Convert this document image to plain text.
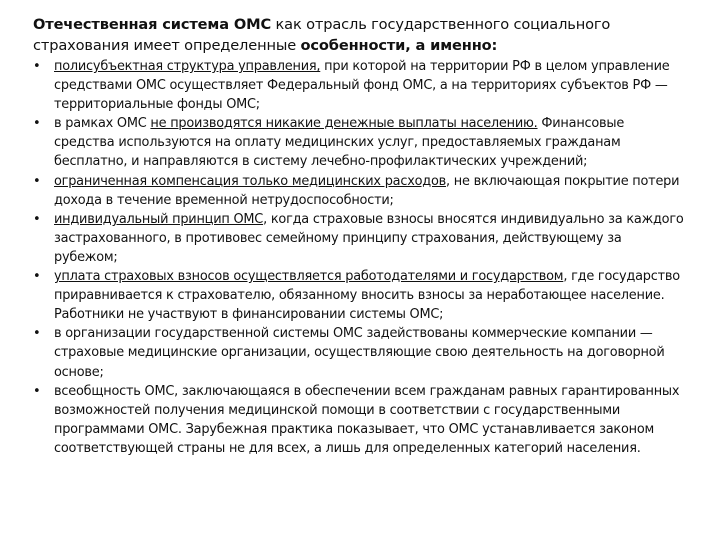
Отечественная система ОМС как отрасль государственного социального страхования имеет определенные особенности, а именно:
•	полисубъектная структура управления, при которой на территории РФ в целом управление средствами ОМС осуществляет Федеральный фонд ОМС, а на территориях субъектов РФ — территориальные фонды ОМС;
•	в рамках ОМС не производятся никакие денежные выплаты населению. Финансовые средства используются на оплату медицинских услуг, предоставляемых гражданам бесплатно, и направляются в систему лечебно-профилактических учреждений;
•	ограниченная компенсация только медицинских расходов, не включающая покрытие потери дохода в течение временной нетрудоспособности;
•	индивидуальный принцип ОМС, когда страховые взносы вносятся индивидуально за каждого застрахованного, в противовес семейному принципу страхования, действующему за рубежом;
•	уплата страховых взносов осуществляется работодателями и государством, где государство приравнивается к страхователю, обязанному вносить взносы за неработающее население. Работники не участвуют в финансировании системы ОМС;
•	в организации государственной системы ОМС задействованы коммерческие компании — страховые медицинские организации, осуществляющие свою деятельность на договорной основе;
•	всеобщность ОМС, заключающаяся в обеспечении всем гражданам равных гарантированных возможностей получения медицинской помощи в соответствии с государственными программами ОМС. Зарубежная практика показывает, что ОМС устанавливается законом соответствующей страны не для всех, а лишь для определенных категорий населения.
